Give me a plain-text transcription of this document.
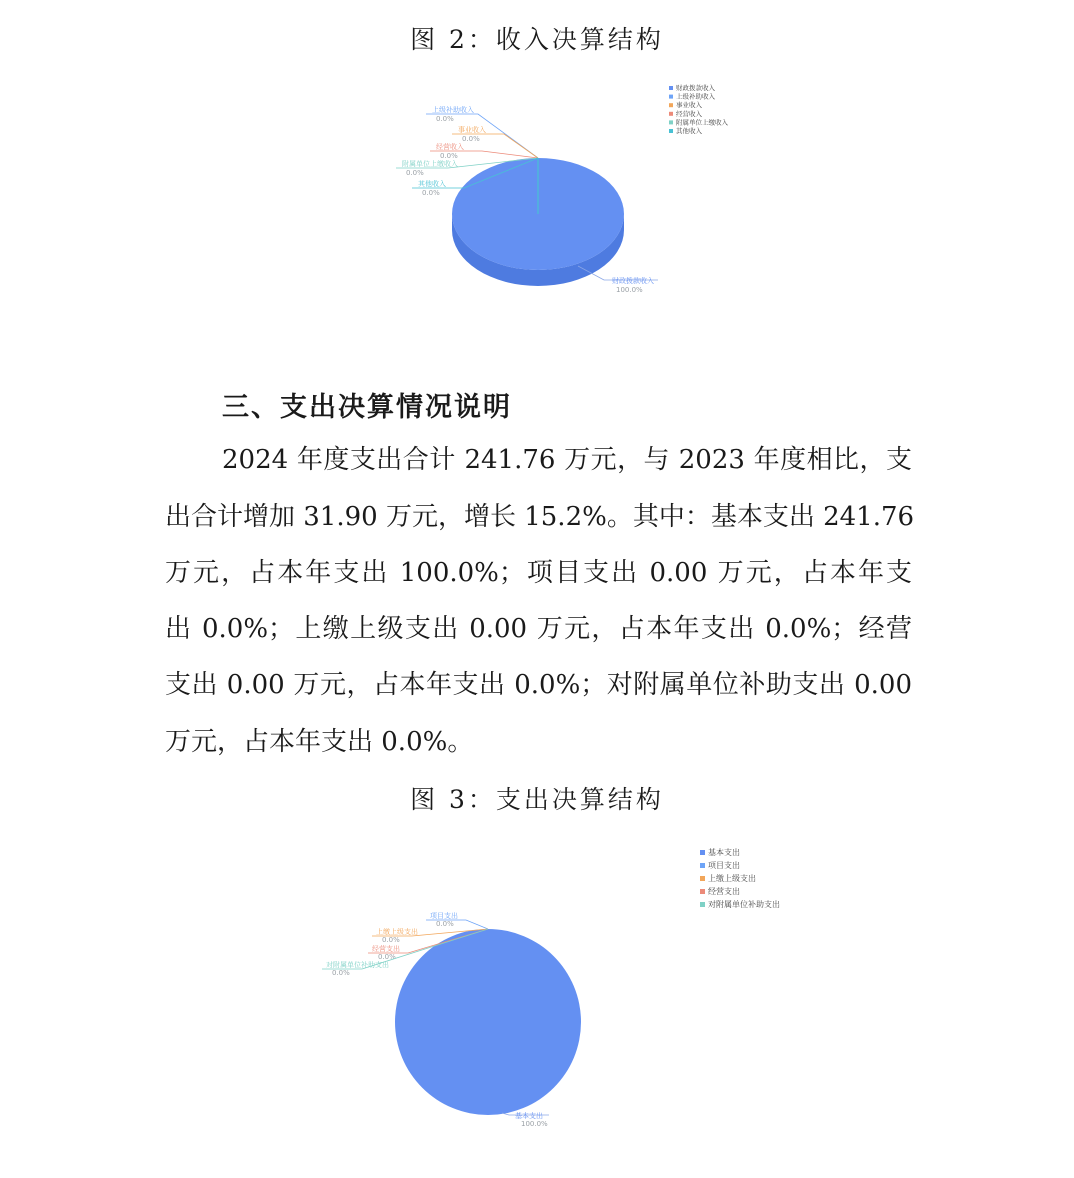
图 2：收入决算结构
财政拨款收入
100.0%
上级补助收入
0.0%
事业收入
0.0%
经营收入
0.0%
附属单位上缴收入
0.0%
其他收入
0.0%
财政拨款收入
上级补助收入
事业收入
经营收入
附属单位上缴收入
其他收入
三、支出决算情况说明
2024 年度支出合计 241.76 万元，与 2023 年度相比，支
出合计增加 31.90 万元，增长 15.2%。其中：基本支出 241.76
万元，占本年支出 100.0%；项目支出 0.00 万元，占本年支
出 0.0%；上缴上级支出 0.00 万元，占本年支出 0.0%；经营
支出 0.00 万元，占本年支出 0.0%；对附属单位补助支出 0.00
万元，占本年支出 0.0%。
图 3：支出决算结构
基本支出
100.0%
项目支出
0.0%
上缴上级支出
0.0%
经营支出
0.0%
对附属单位补助支出
0.0%
基本支出
项目支出
上缴上级支出
经营支出
对附属单位补助支出
